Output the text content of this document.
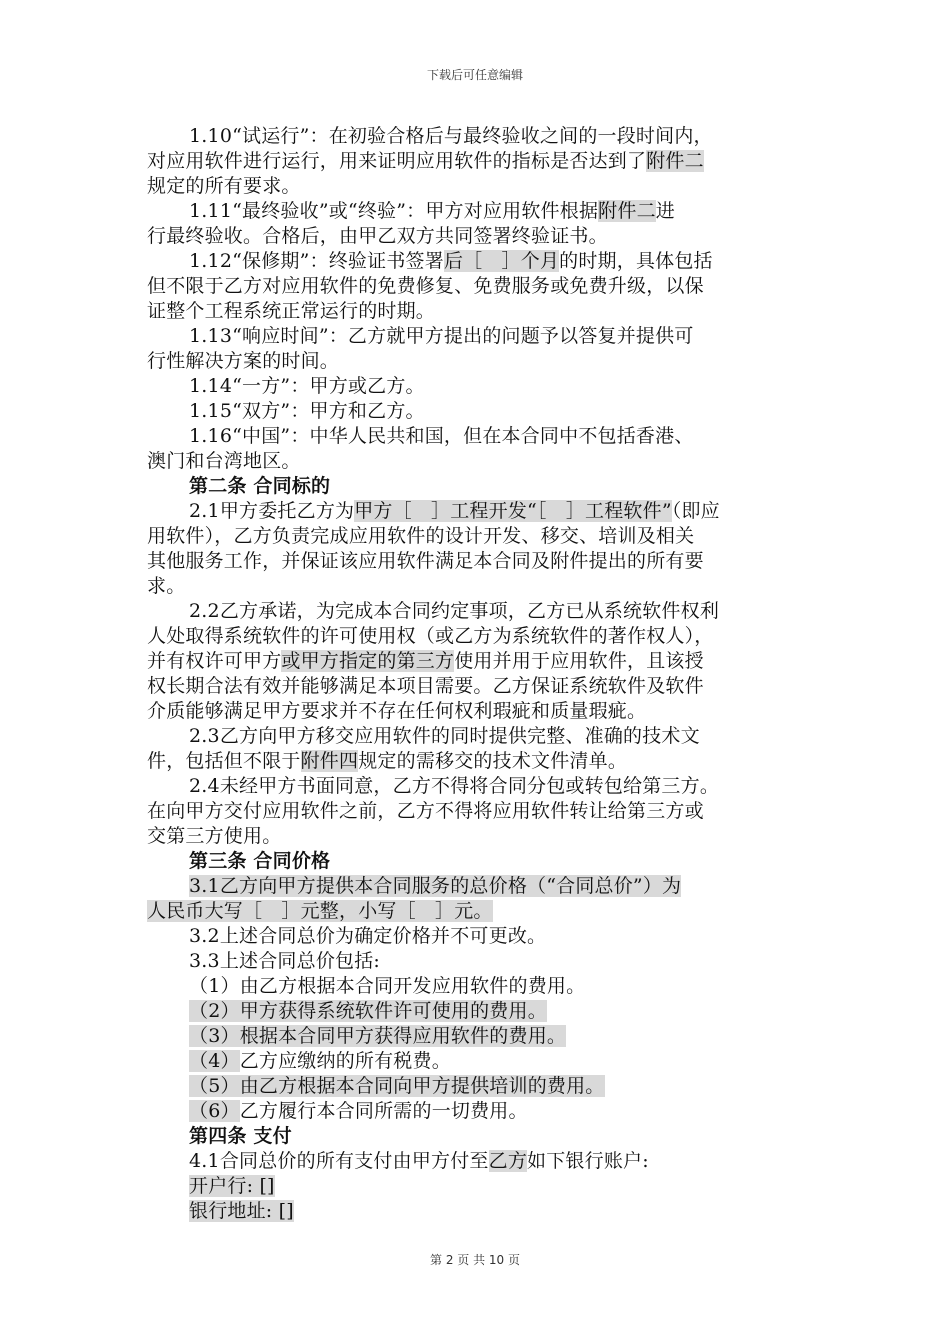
下载后可任意编辑
1.10“试运行”：在初验合格后与最终验收之间的一段时间内，
对应用软件进行运行，用来证明应用软件的指标是否达到了附件二
规定的所有要求。
1.11“最终验收”或“终验”：甲方对应用软件根据附件二进
行最终验收。合格后，由甲乙双方共同签署终验证书。
1.12“保修期”：终验证书签署后［　］个月的时期，具体包括
但不限于乙方对应用软件的免费修复、免费服务或免费升级，以保
证整个工程系统正常运行的时期。
1.13“响应时间”：乙方就甲方提出的问题予以答复并提供可
行性解决方案的时间。
1.14“一方”：甲方或乙方。
1.15“双方”：甲方和乙方。
1.16“中国”：中华人民共和国，但在本合同中不包括香港、
澳门和台湾地区。
第二条 合同标的
2.1甲方委托乙方为甲方［　］工程开发“［　］工程软件”（即应
用软件），乙方负责完成应用软件的设计开发、移交、培训及相关
其他服务工作，并保证该应用软件满足本合同及附件提出的所有要
求。
2.2乙方承诺，为完成本合同约定事项，乙方已从系统软件权利
人处取得系统软件的许可使用权（或乙方为系统软件的著作权人），
并有权许可甲方或甲方指定的第三方使用并用于应用软件，且该授
权长期合法有效并能够满足本项目需要。乙方保证系统软件及软件
介质能够满足甲方要求并不存在任何权利瑕疵和质量瑕疵。
2.3乙方向甲方移交应用软件的同时提供完整、准确的技术文
件，包括但不限于附件四规定的需移交的技术文件清单。
2.4未经甲方书面同意，乙方不得将合同分包或转包给第三方。
在向甲方交付应用软件之前，乙方不得将应用软件转让给第三方或
交第三方使用。
第三条 合同价格
3.1乙方向甲方提供本合同服务的总价格（“合同总价”）为
人民币大写［　］元整，小写［　］元。
3.2上述合同总价为确定价格并不可更改。
3.3上述合同总价包括:
（1）由乙方根据本合同开发应用软件的费用。
（2）甲方获得系统软件许可使用的费用。
（3）根据本合同甲方获得应用软件的费用。
（4）乙方应缴纳的所有税费。
（5）由乙方根据本合同向甲方提供培训的费用。
（6）乙方履行本合同所需的一切费用。
第四条 支付
4.1合同总价的所有支付由甲方付至乙方如下银行账户:
开户行: []
银行地址: []
第 2 页 共 10 页
